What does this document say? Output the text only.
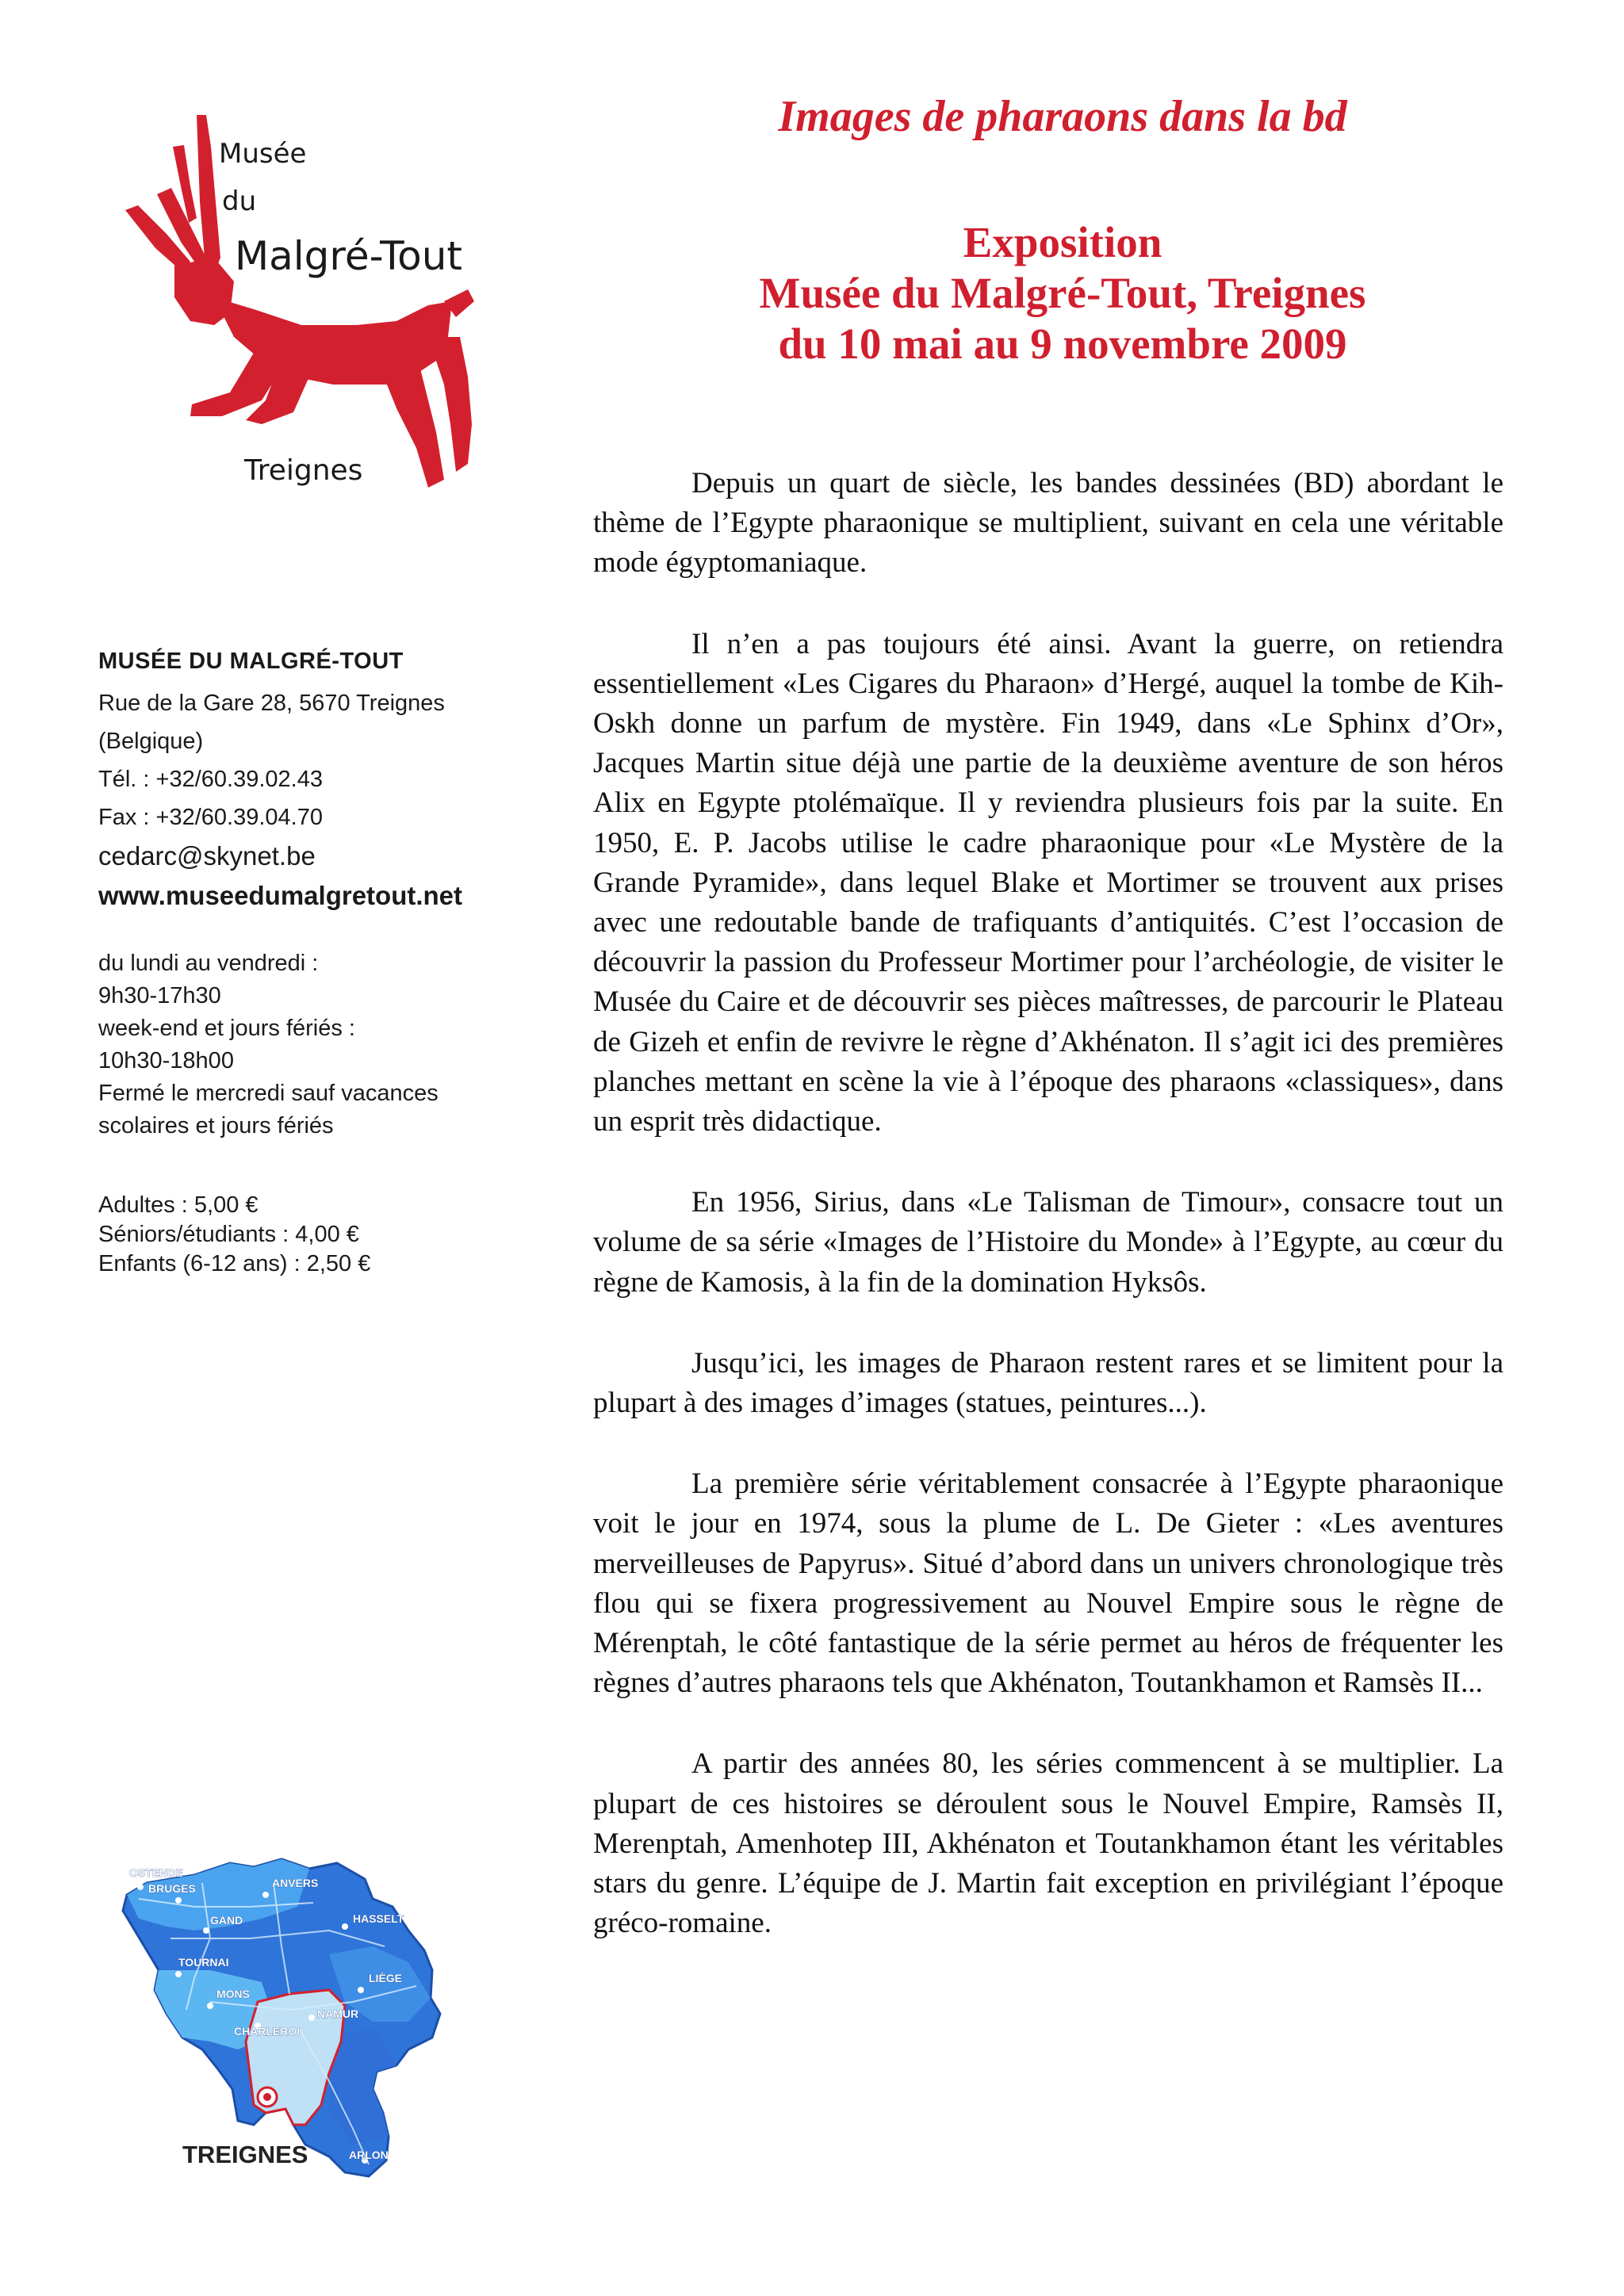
Musée
du
Malgré-Tout
Treignes

MUSÉE DU MALGRÉ-TOUT

Rue de la Gare 28, 5670 Treignes

(Belgique)

Tél. : +32/60.39.02.43

Fax : +32/60.39.04.70

cedarc@skynet.be

www.museedumalgretout.net

du lundi au vendredi :

9h30-17h30

week-end et jours fériés :

10h30-18h00

Fermé le mercredi sauf vacances

scolaires et jours fériés

Adultes : 5,00 €

Séniors/étudiants : 4,00 €

Enfants (6-12 ans) : 2,50 €

OSTENDE
BRUGES	ANVERS
GAND	HASSELT
TOURNAI
LIÈGE
MONS
NAMUR
CHARLEROI
ARLON

TREIGNES

Images de pharaons dans la bd

Exposition

Musée du Malgré-Tout, Treignes

du 10 mai au 9 novembre 2009

Depuis un quart de siècle, les bandes dessinées (BD) abordant le thème de l’Egypte pharaonique se multiplient, suivant en cela une véritable mode égyptomaniaque.

Il n’en a pas toujours été ainsi. Avant la guerre, on retiendra essentiellement «Les Cigares du Pharaon» d’Hergé, auquel la tombe de Kih-Oskh donne un parfum de mystère. Fin 1949, dans «Le Sphinx d’Or», Jacques Martin situe déjà une partie de la deuxième aventure de son héros Alix en Egypte ptolémaïque. Il y reviendra plusieurs fois par la suite. En 1950, E. P. Jacobs utilise le cadre pharaonique pour «Le Mystère de la Grande Pyramide», dans lequel Blake et Mortimer se trouvent aux prises avec une redoutable bande de trafiquants d’antiquités. C’est l’occasion de découvrir la passion du Professeur Mortimer pour l’archéologie, de visiter le Musée du Caire et de découvrir ses pièces maîtresses, de parcourir le Plateau de Gizeh et enfin de revivre le règne d’Akhénaton. Il s’agit ici des premières planches mettant en scène la vie à l’époque des pharaons «classiques», dans un esprit très didactique.

En 1956, Sirius, dans «Le Talisman de Timour», consacre tout un volume de sa série «Images de l’Histoire du Monde» à l’Egypte, au cœur du règne de Kamosis, à la fin de la domination Hyksôs.

Jusqu’ici, les images de Pharaon restent rares et se limitent pour la plupart à des images d’images (statues, peintures...).

La première série véritablement consacrée à l’Egypte pharaonique voit le jour en 1974, sous la plume de L. De Gieter : «Les aventures merveilleuses de Papyrus». Situé d’abord dans un univers chronologique très flou qui se fixera progressivement au Nouvel Empire sous le règne de Mérenptah, le côté fantastique de la série permet au héros de fréquenter les règnes d’autres pharaons tels que Akhénaton, Toutankhamon et Ramsès II...

A partir des années 80, les séries commencent à se multiplier. La plupart de ces histoires se déroulent sous le Nouvel Empire, Ramsès II, Merenptah, Amenhotep III, Akhénaton et Toutankhamon étant les véritables stars du genre. L’équipe de J. Martin fait exception en privilégiant l’époque gréco-romaine.
